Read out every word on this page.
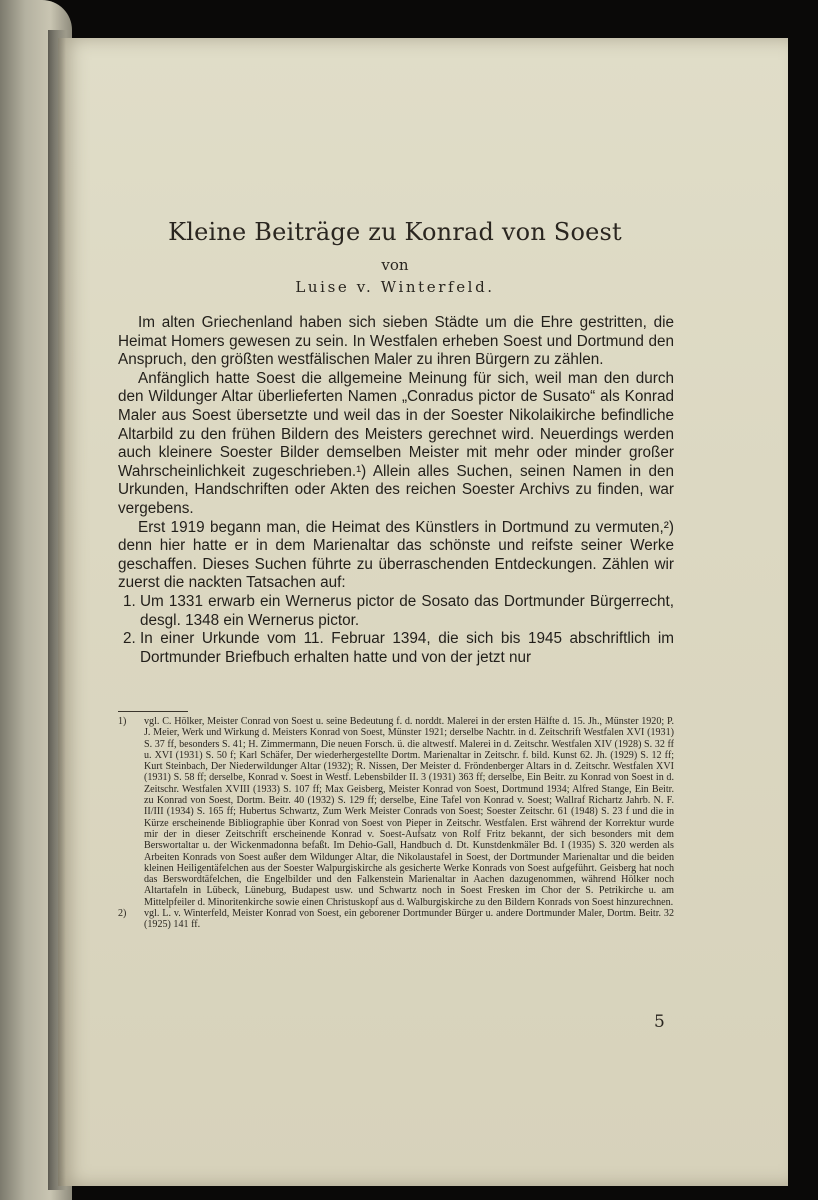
Kleine Beiträge zu Konrad von Soest
von
Luise v. Winterfeld.

Im alten Griechenland haben sich sieben Städte um die Ehre gestritten, die Heimat Homers gewesen zu sein. In Westfalen erheben Soest und Dortmund den Anspruch, den größten westfälischen Maler zu ihren Bürgern zu zählen.

Anfänglich hatte Soest die allgemeine Meinung für sich, weil man den durch den Wildunger Altar überlieferten Namen „Conradus pictor de Susato“ als Konrad Maler aus Soest übersetzte und weil das in der Soester Nikolaikirche befindliche Altarbild zu den frühen Bildern des Meisters gerechnet wird. Neuerdings werden auch kleinere Soester Bilder demselben Meister mit mehr oder minder großer Wahrscheinlichkeit zugeschrieben.¹) Allein alles Suchen, seinen Namen in den Urkunden, Handschriften oder Akten des reichen Soester Archivs zu finden, war vergebens.

Erst 1919 begann man, die Heimat des Künstlers in Dortmund zu vermuten,²) denn hier hatte er in dem Marienaltar das schönste und reifste seiner Werke geschaffen. Dieses Suchen führte zu überraschenden Entdeckungen. Zählen wir zuerst die nackten Tatsachen auf:

1. Um 1331 erwarb ein Wernerus pictor de Sosato das Dortmunder Bürgerrecht, desgl. 1348 ein Wernerus pictor.
2. In einer Urkunde vom 11. Februar 1394, die sich bis 1945 abschriftlich im Dortmunder Briefbuch erhalten hatte und von der jetzt nur

1) vgl. C. Hölker, Meister Conrad von Soest u. seine Bedeutung f. d. norddt. Malerei in der ersten Hälfte d. 15. Jh., Münster 1920; P. J. Meier, Werk und Wirkung d. Meisters Konrad von Soest, Münster 1921; derselbe Nachtr. in d. Zeitschrift Westfalen XVI (1931) S. 37 ff, besonders S. 41; H. Zimmermann, Die neuen Forsch. ü. die altwestf. Malerei in d. Zeitschr. Westfalen XIV (1928) S. 32 ff u. XVI (1931) S. 50 f; Karl Schäfer, Der wiederhergestellte Dortm. Marienaltar in Zeitschr. f. bild. Kunst 62. Jh. (1929) S. 12 ff; Kurt Steinbach, Der Niederwildunger Altar (1932); R. Nissen, Der Meister d. Fröndenberger Altars in d. Zeitschr. Westfalen XVI (1931) S. 58 ff; derselbe, Konrad v. Soest in Westf. Lebensbilder II. 3 (1931) 363 ff; derselbe, Ein Beitr. zu Konrad von Soest in d. Zeitschr. Westfalen XVIII (1933) S. 107 ff; Max Geisberg, Meister Konrad von Soest, Dortmund 1934; Alfred Stange, Ein Beitr. zu Konrad von Soest, Dortm. Beitr. 40 (1932) S. 129 ff; derselbe, Eine Tafel von Konrad v. Soest; Wallraf Richartz Jahrb. N. F. II/III (1934) S. 165 ff; Hubertus Schwartz, Zum Werk Meister Conrads von Soest; Soester Zeitschr. 61 (1948) S. 23 f und die in Kürze erscheinende Bibliographie über Konrad von Soest von Pieper in Zeitschr. Westfalen. Erst während der Korrektur wurde mir der in dieser Zeitschrift erscheinende Konrad v. Soest-Aufsatz von Rolf Fritz bekannt, der sich besonders mit dem Berswortaltar u. der Wickenmadonna befaßt. Im Dehio-Gall, Handbuch d. Dt. Kunstdenkmäler Bd. I (1935) S. 320 werden als Arbeiten Konrads von Soest außer dem Wildunger Altar, die Nikolaustafel in Soest, der Dortmunder Marienaltar und die beiden kleinen Heiligentäfelchen aus der Soester Walpurgiskirche als gesicherte Werke Konrads von Soest aufgeführt. Geisberg hat noch das Berswordtäfelchen, die Engelbilder und den Falkenstein Marienaltar in Aachen dazugenommen, während Hölker noch Altartafeln in Lübeck, Lüneburg, Budapest usw. und Schwartz noch in Soest Fresken im Chor der S. Petrikirche u. am Mittelpfeiler d. Minoritenkirche sowie einen Christuskopf aus d. Walburgiskirche zu den Bildern Konrads von Soest hinzurechnen.

2) vgl. L. v. Winterfeld, Meister Konrad von Soest, ein geborener Dortmunder Bürger u. andere Dortmunder Maler, Dortm. Beitr. 32 (1925) 141 ff.

5
